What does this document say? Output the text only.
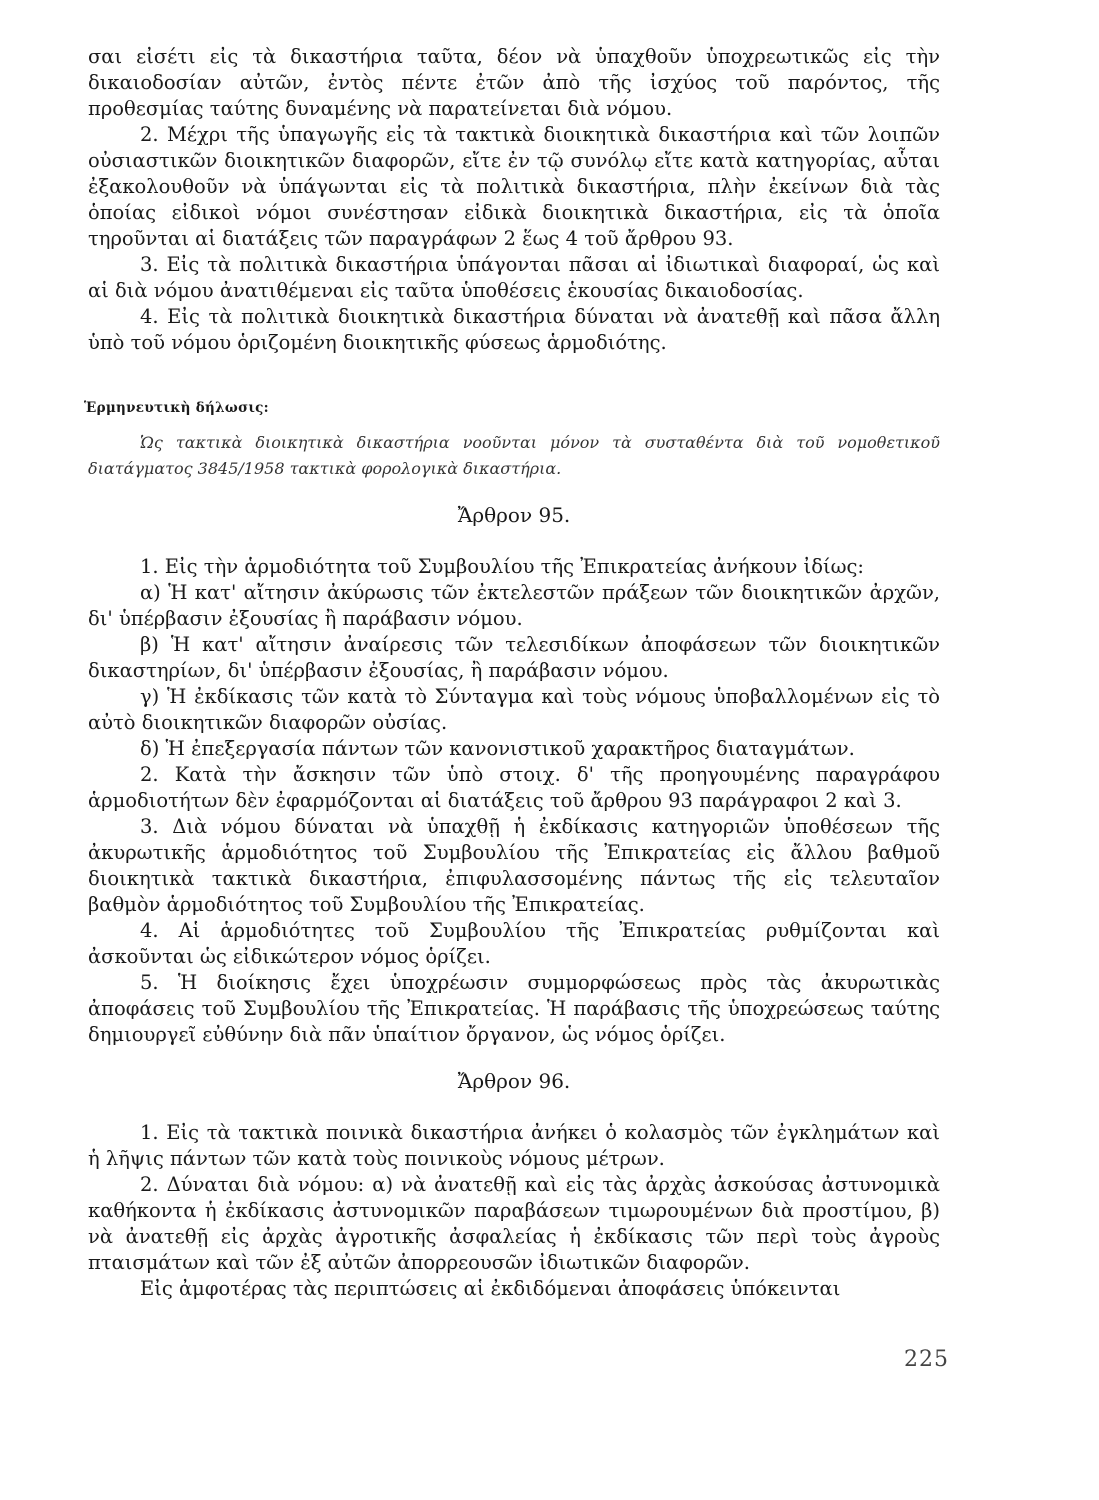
σαι εἰσέτι εἰς τὰ δικαστήρια ταῦτα, δέον νὰ ὑπαχθοῦν ὑποχρεωτικῶς εἰς τὴν δικαιοδοσίαν αὐτῶν, ἐντὸς πέντε ἐτῶν ἀπὸ τῆς ἰσχύος τοῦ παρόντος, τῆς προθεσμίας ταύτης δυναμένης νὰ παρατείνεται διὰ νόμου.

2. Μέχρι τῆς ὑπαγωγῆς εἰς τὰ τακτικὰ διοικητικὰ δικαστήρια καὶ τῶν λοιπῶν οὐσιαστικῶν διοικητικῶν διαφορῶν, εἴτε ἐν τῷ συνόλῳ εἴτε κατὰ κατηγορίας, αὗται ἐξακολουθοῦν νὰ ὑπάγωνται εἰς τὰ πολιτικὰ δικαστήρια, πλὴν ἐκείνων διὰ τὰς ὁποίας εἰδικοὶ νόμοι συνέστησαν εἰδικὰ διοικητικὰ δικαστήρια, εἰς τὰ ὁποῖα τηροῦνται αἱ διατάξεις τῶν παραγράφων 2 ἕως 4 τοῦ ἄρθρου 93.

3. Εἰς τὰ πολιτικὰ δικαστήρια ὑπάγονται πᾶσαι αἱ ἰδιωτικαὶ διαφοραί, ὡς καὶ αἱ διὰ νόμου ἀνατιθέμεναι εἰς ταῦτα ὑποθέσεις ἑκουσίας δικαιοδοσίας.

4. Εἰς τὰ πολιτικὰ διοικητικὰ δικαστήρια δύναται νὰ ἀνατεθῇ καὶ πᾶσα ἄλλη ὑπὸ τοῦ νόμου ὁριζομένη διοικητικῆς φύσεως ἁρμοδιότης.

Ἑρμηνευτικὴ δήλωσις:

Ὡς τακτικὰ διοικητικὰ δικαστήρια νοοῦνται μόνον τὰ συσταθέντα διὰ τοῦ νομοθετικοῦ διατάγματος 3845/1958 τακτικὰ φορολογικὰ δικαστήρια.

Ἄρθρον 95.

1. Εἰς τὴν ἁρμοδιότητα τοῦ Συμβουλίου τῆς Ἐπικρατείας ἀνήκουν ἰδίως:

α) Ἡ κατ' αἴτησιν ἀκύρωσις τῶν ἐκτελεστῶν πράξεων τῶν διοικητικῶν ἀρχῶν, δι' ὑπέρβασιν ἐξουσίας ἢ παράβασιν νόμου.

β) Ἡ κατ' αἴτησιν ἀναίρεσις τῶν τελεσιδίκων ἀποφάσεων τῶν διοικητικῶν δικαστηρίων, δι' ὑπέρβασιν ἐξουσίας, ἢ παράβασιν νόμου.

γ) Ἡ ἐκδίκασις τῶν κατὰ τὸ Σύνταγμα καὶ τοὺς νόμους ὑποβαλλομένων εἰς τὸ αὐτὸ διοικητικῶν διαφορῶν οὐσίας.

δ) Ἡ ἐπεξεργασία πάντων τῶν κανονιστικοῦ χαρακτῆρος διαταγμάτων.

2. Κατὰ τὴν ἄσκησιν τῶν ὑπὸ στοιχ. δ' τῆς προηγουμένης παραγράφου ἁρμοδιοτήτων δὲν ἐφαρμόζονται αἱ διατάξεις τοῦ ἄρθρου 93 παράγραφοι 2 καὶ 3.

3. Διὰ νόμου δύναται νὰ ὑπαχθῇ ἡ ἐκδίκασις κατηγοριῶν ὑποθέσεων τῆς ἀκυρωτικῆς ἁρμοδιότητος τοῦ Συμβουλίου τῆς Ἐπικρατείας εἰς ἄλλου βαθμοῦ διοικητικὰ τακτικὰ δικαστήρια, ἐπιφυλασσομένης πάντως τῆς εἰς τελευταῖον βαθμὸν ἁρμοδιότητος τοῦ Συμβουλίου τῆς Ἐπικρατείας.

4. Αἱ ἁρμοδιότητες τοῦ Συμβουλίου τῆς Ἐπικρατείας ρυθμίζονται καὶ ἀσκοῦνται ὡς εἰδικώτερον νόμος ὁρίζει.

5. Ἡ διοίκησις ἔχει ὑποχρέωσιν συμμορφώσεως πρὸς τὰς ἀκυρωτικὰς ἀποφάσεις τοῦ Συμβουλίου τῆς Ἐπικρατείας. Ἡ παράβασις τῆς ὑποχρεώσεως ταύτης δημιουργεῖ εὐθύνην διὰ πᾶν ὑπαίτιον ὄργανον, ὡς νόμος ὁρίζει.

Ἄρθρον 96.

1. Εἰς τὰ τακτικὰ ποινικὰ δικαστήρια ἀνήκει ὁ κολασμὸς τῶν ἐγκλημάτων καὶ ἡ λῆψις πάντων τῶν κατὰ τοὺς ποινικοὺς νόμους μέτρων.

2. Δύναται διὰ νόμου: α) νὰ ἀνατεθῇ καὶ εἰς τὰς ἀρχὰς ἀσκούσας ἀστυνομικὰ καθήκοντα ἡ ἐκδίκασις ἀστυνομικῶν παραβάσεων τιμωρουμένων διὰ προστίμου, β) νὰ ἀνατεθῇ εἰς ἀρχὰς ἀγροτικῆς ἀσφαλείας ἡ ἐκδίκασις τῶν περὶ τοὺς ἀγροὺς πταισμάτων καὶ τῶν ἐξ αὐτῶν ἀπορρεουσῶν ἰδιωτικῶν διαφορῶν.

Εἰς ἀμφοτέρας τὰς περιπτώσεις αἱ ἐκδιδόμεναι ἀποφάσεις ὑπόκεινται

225
